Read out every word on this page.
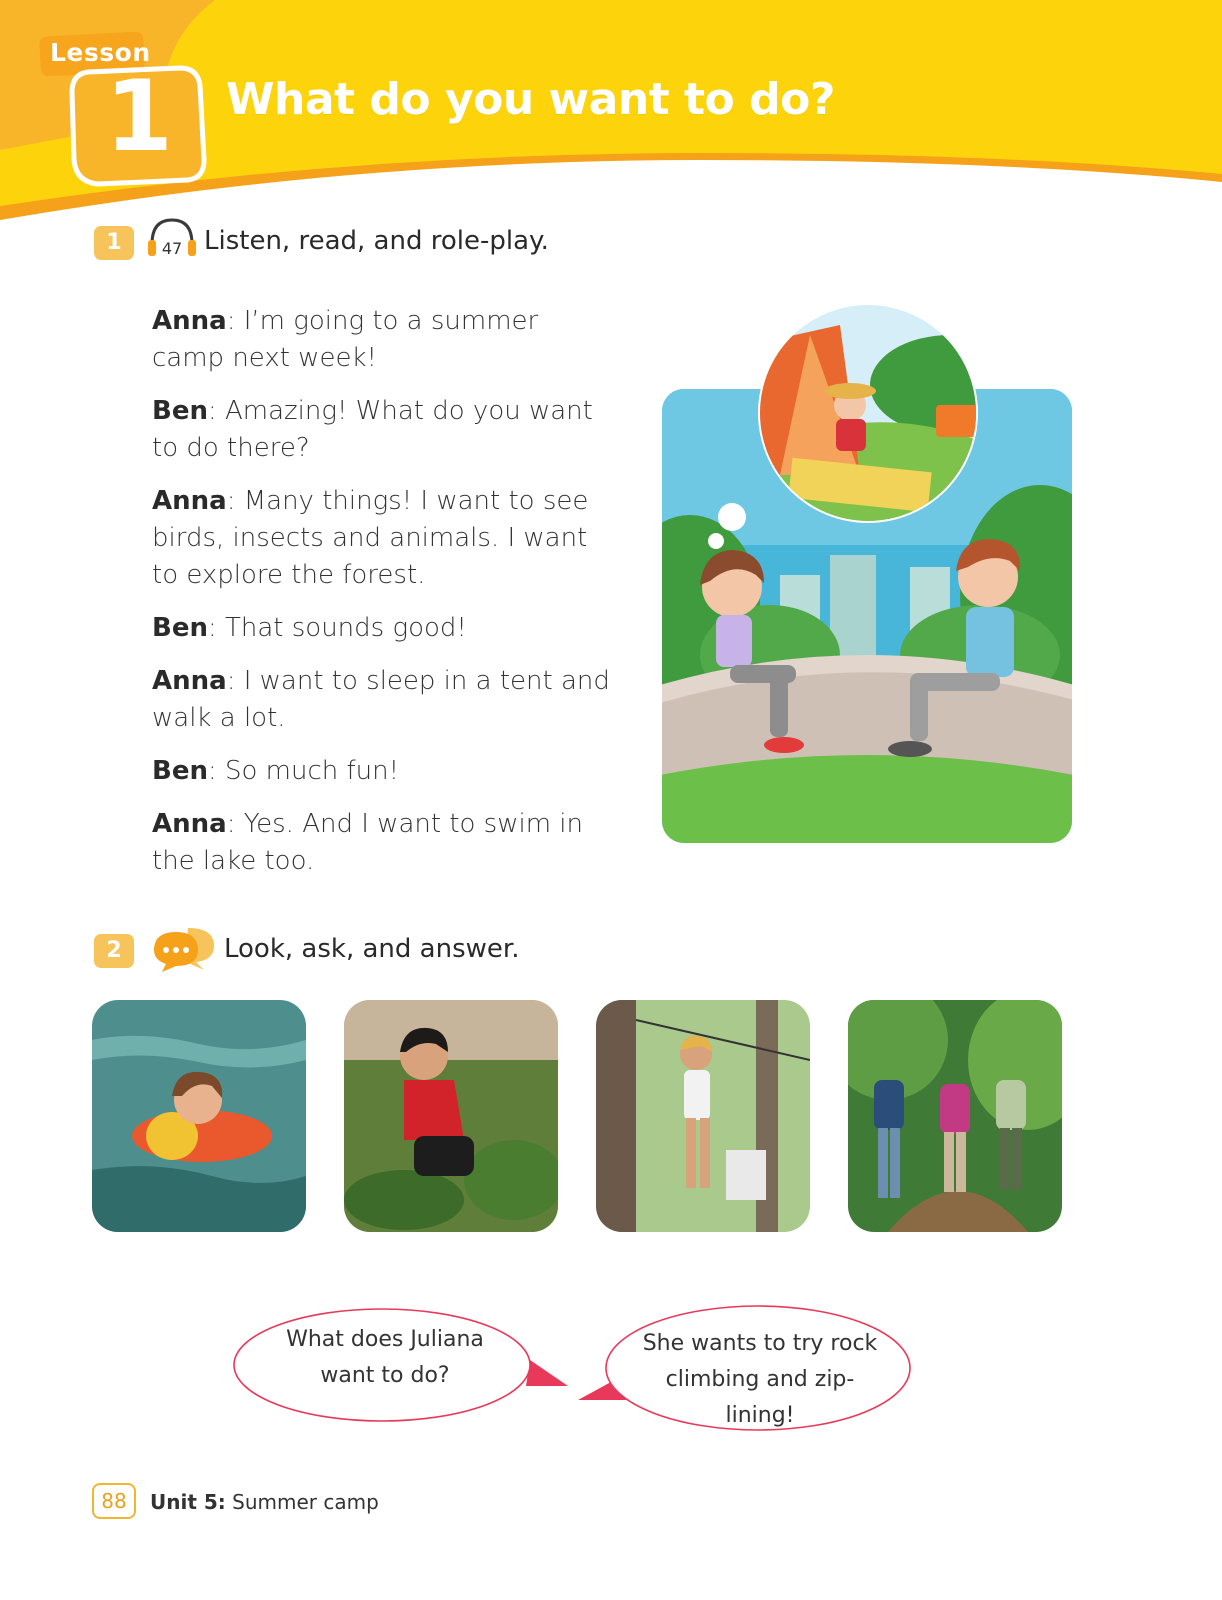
Lesson
1 What do you want to do?
1	47 Listen, read, and role-play.

Anna: I’m going to a summer camp next week!

Ben: Amazing! What do you want to do there?

Anna: Many things! I want to see birds, insects and animals. I want to explore the forest.

Ben: That sounds good!

Anna: I want to sleep in a tent and walk a lot.

Ben: So much fun!

Anna: Yes. And I want to swim in the lake too.

2	Look, ask, and answer.
What does Juliana
want to do?
She wants to try rock
climbing and zip-lining!
88	Unit 5: Summer camp
